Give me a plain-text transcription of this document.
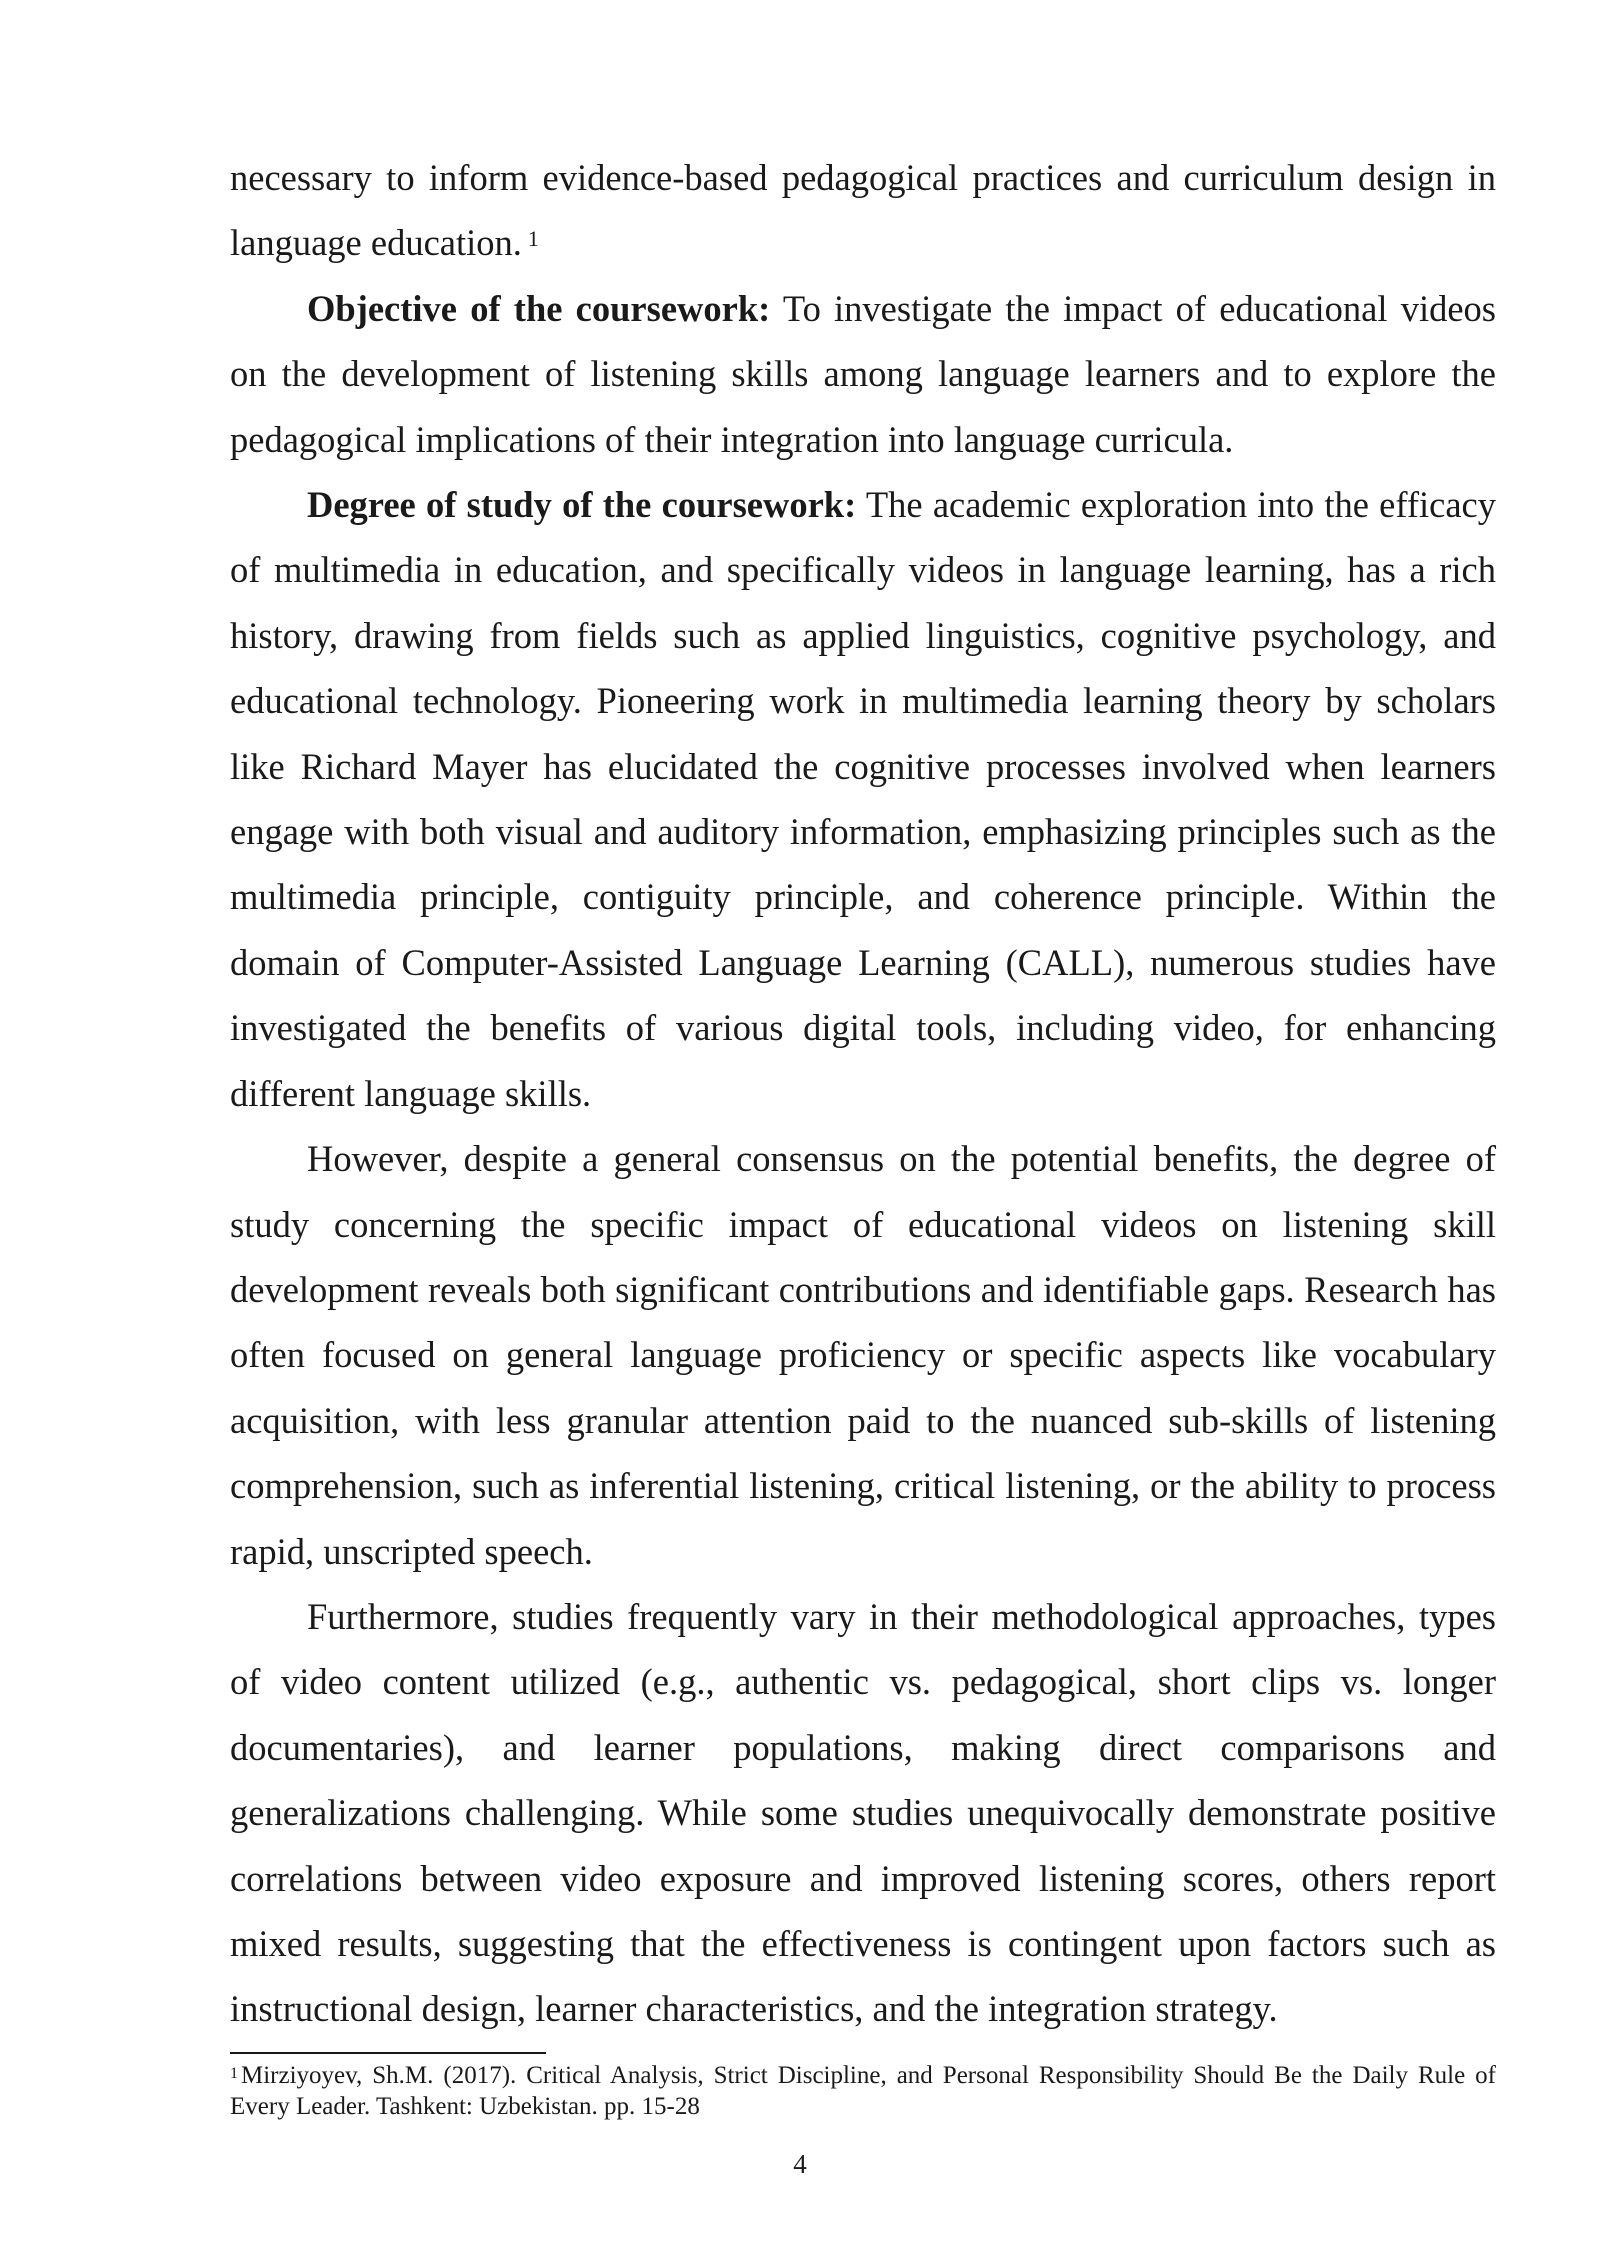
necessary to inform evidence-based pedagogical practices and curriculum design in language education. $^1$

Objective of the coursework: To investigate the impact of educational videos on the development of listening skills among language learners and to explore the pedagogical implications of their integration into language curricula.

Degree of study of the coursework: The academic exploration into the efficacy of multimedia in education, and specifically videos in language learning, has a rich history, drawing from fields such as applied linguistics, cognitive psychology, and educational technology. Pioneering work in multimedia learning theory by scholars like Richard Mayer has elucidated the cognitive processes involved when learners engage with both visual and auditory information, emphasizing principles such as the multimedia principle, contiguity principle, and coherence principle. Within the domain of Computer-Assisted Language Learning (CALL), numerous studies have investigated the benefits of various digital tools, including video, for enhancing different language skills.

However, despite a general consensus on the potential benefits, the degree of study concerning the specific impact of educational videos on listening skill development reveals both significant contributions and identifiable gaps. Research has often focused on general language proficiency or specific aspects like vocabulary acquisition, with less granular attention paid to the nuanced sub-skills of listening comprehension, such as inferential listening, critical listening, or the ability to process rapid, unscripted speech.

Furthermore, studies frequently vary in their methodological approaches, types of video content utilized (e.g., authentic vs. pedagogical, short clips vs. longer documentaries), and learner populations, making direct comparisons and generalizations challenging. While some studies unequivocally demonstrate positive correlations between video exposure and improved listening scores, others report mixed results, suggesting that the effectiveness is contingent upon factors such as instructional design, learner characteristics, and the integration strategy.

$^1$ Mirziyoyev, Sh.M. (2017). Critical Analysis, Strict Discipline, and Personal Responsibility Should Be the Daily Rule of Every Leader. Tashkent: Uzbekistan. pp. 15-28
4
